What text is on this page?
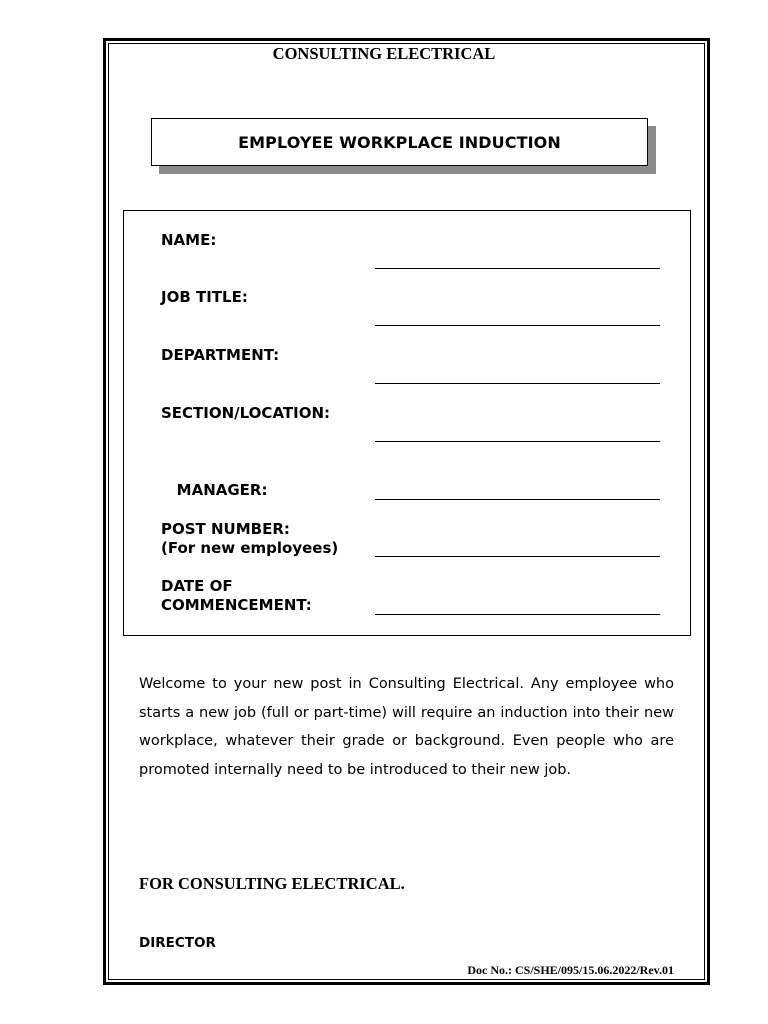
CONSULTING ELECTRICAL
EMPLOYEE WORKPLACE INDUCTION

NAME:

JOB TITLE:

DEPARTMENT:

SECTION/LOCATION:

MANAGER:

POST NUMBER:
(For new employees)

DATE OF
COMMENCEMENT:

Welcome to your new post in Consulting Electrical. Any employee who starts a new job (full or part-time) will require an induction into their new workplace, whatever their grade or background. Even people who are promoted internally need to be introduced to their new job.

FOR CONSULTING ELECTRICAL.

DIRECTOR

Doc No.: CS/SHE/095/15.06.2022/Rev.01
